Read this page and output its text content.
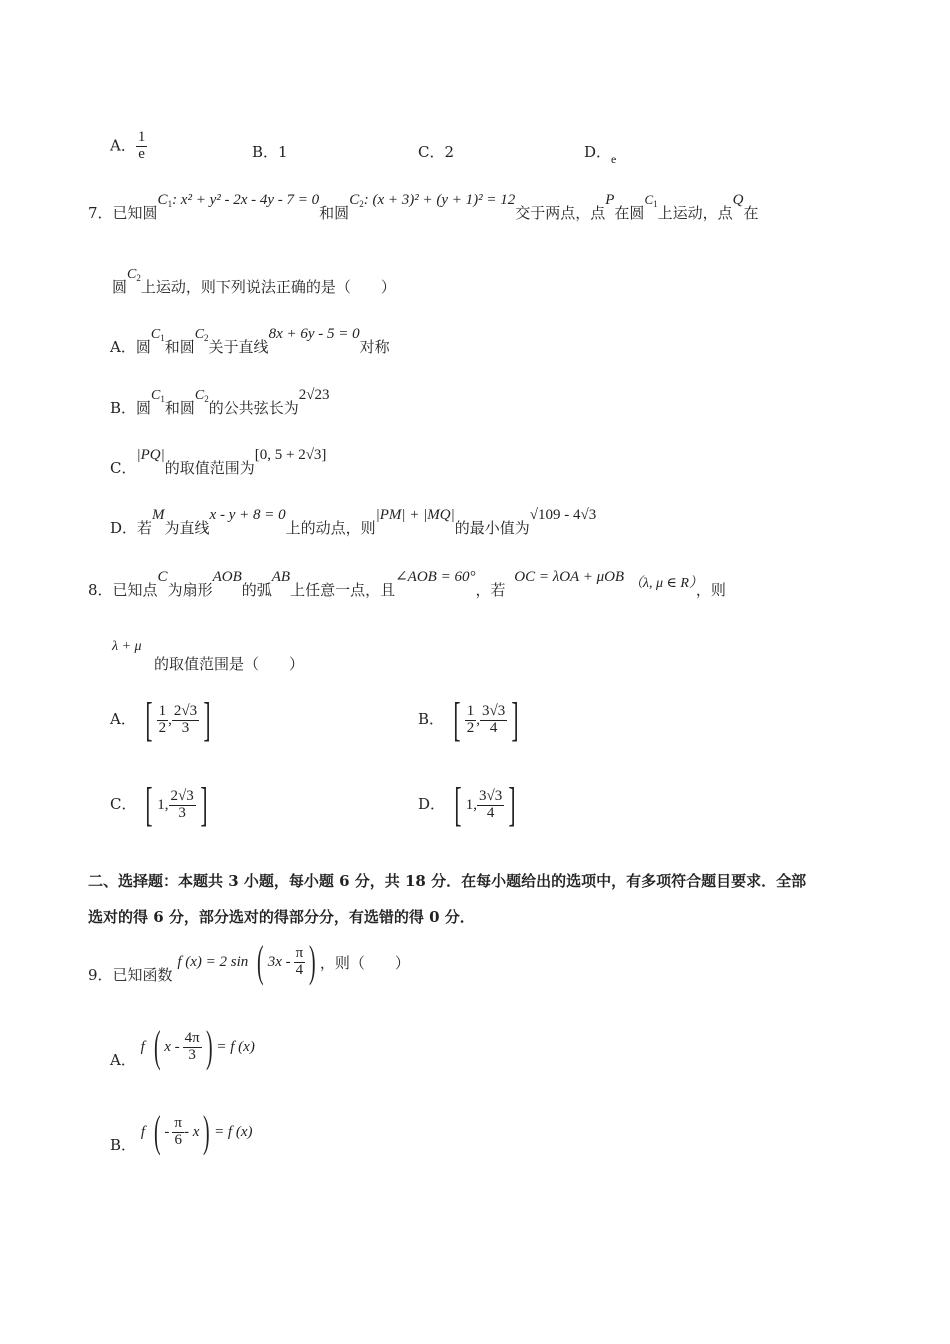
A． $\frac{1}{e}$	B．1	C．2	D．$_e$
7．已知圆$C_1$: x² + y² - 2x - 4y - 7 = 0和圆$C_2$: (x + 3)² + (y + 1)² = 12交于两点，点P在圆$C_1$上运动，点Q在
圆$C_2$上运动，则下列说法正确的是（　　）
A．圆$C_1$和圆$C_2$关于直线8x + 6y - 5 = 0对称
B．圆$C_1$和圆$C_2$的公共弦长为2√23
C．|PQ|的取值范围为[0, 5 + 2√3]
D．若M为直线x - y + 8 = 0上的动点，则|PM| + |MQ|的最小值为√109 - 4√3
8．已知点C为扇形AOB的弧AB上任意一点，且∠AOB = 60°，若 OC = λOA + μOB （λ, μ ∈ R），则
λ + μ
的取值范围是（　　）
A． [ $\frac{1}{2}$ , $\frac{2√3}{3}$ ]	B． [ $\frac{1}{2}$ , $\frac{3√3}{4}$ ]
C． [ 1 , $\frac{2√3}{3}$ ]	D． [ 1 , $\frac{3√3}{4}$ ]
二、选择题：本题共 3 小题，每小题 6 分，共 18 分．在每小题给出的选项中，有多项符合题目要求．全部
选对的得 6 分，部分选对的得部分分，有选错的得 0 分．
9．已知函数 f (x) = 2 sin ( $3x - \frac{\pi}{4}$ ) ，则（　　）
A． f ( x - $\frac{4\pi}{3}$ ) = f (x)
B． f ( - $\frac{\pi}{6}$ - x ) = f (x)
